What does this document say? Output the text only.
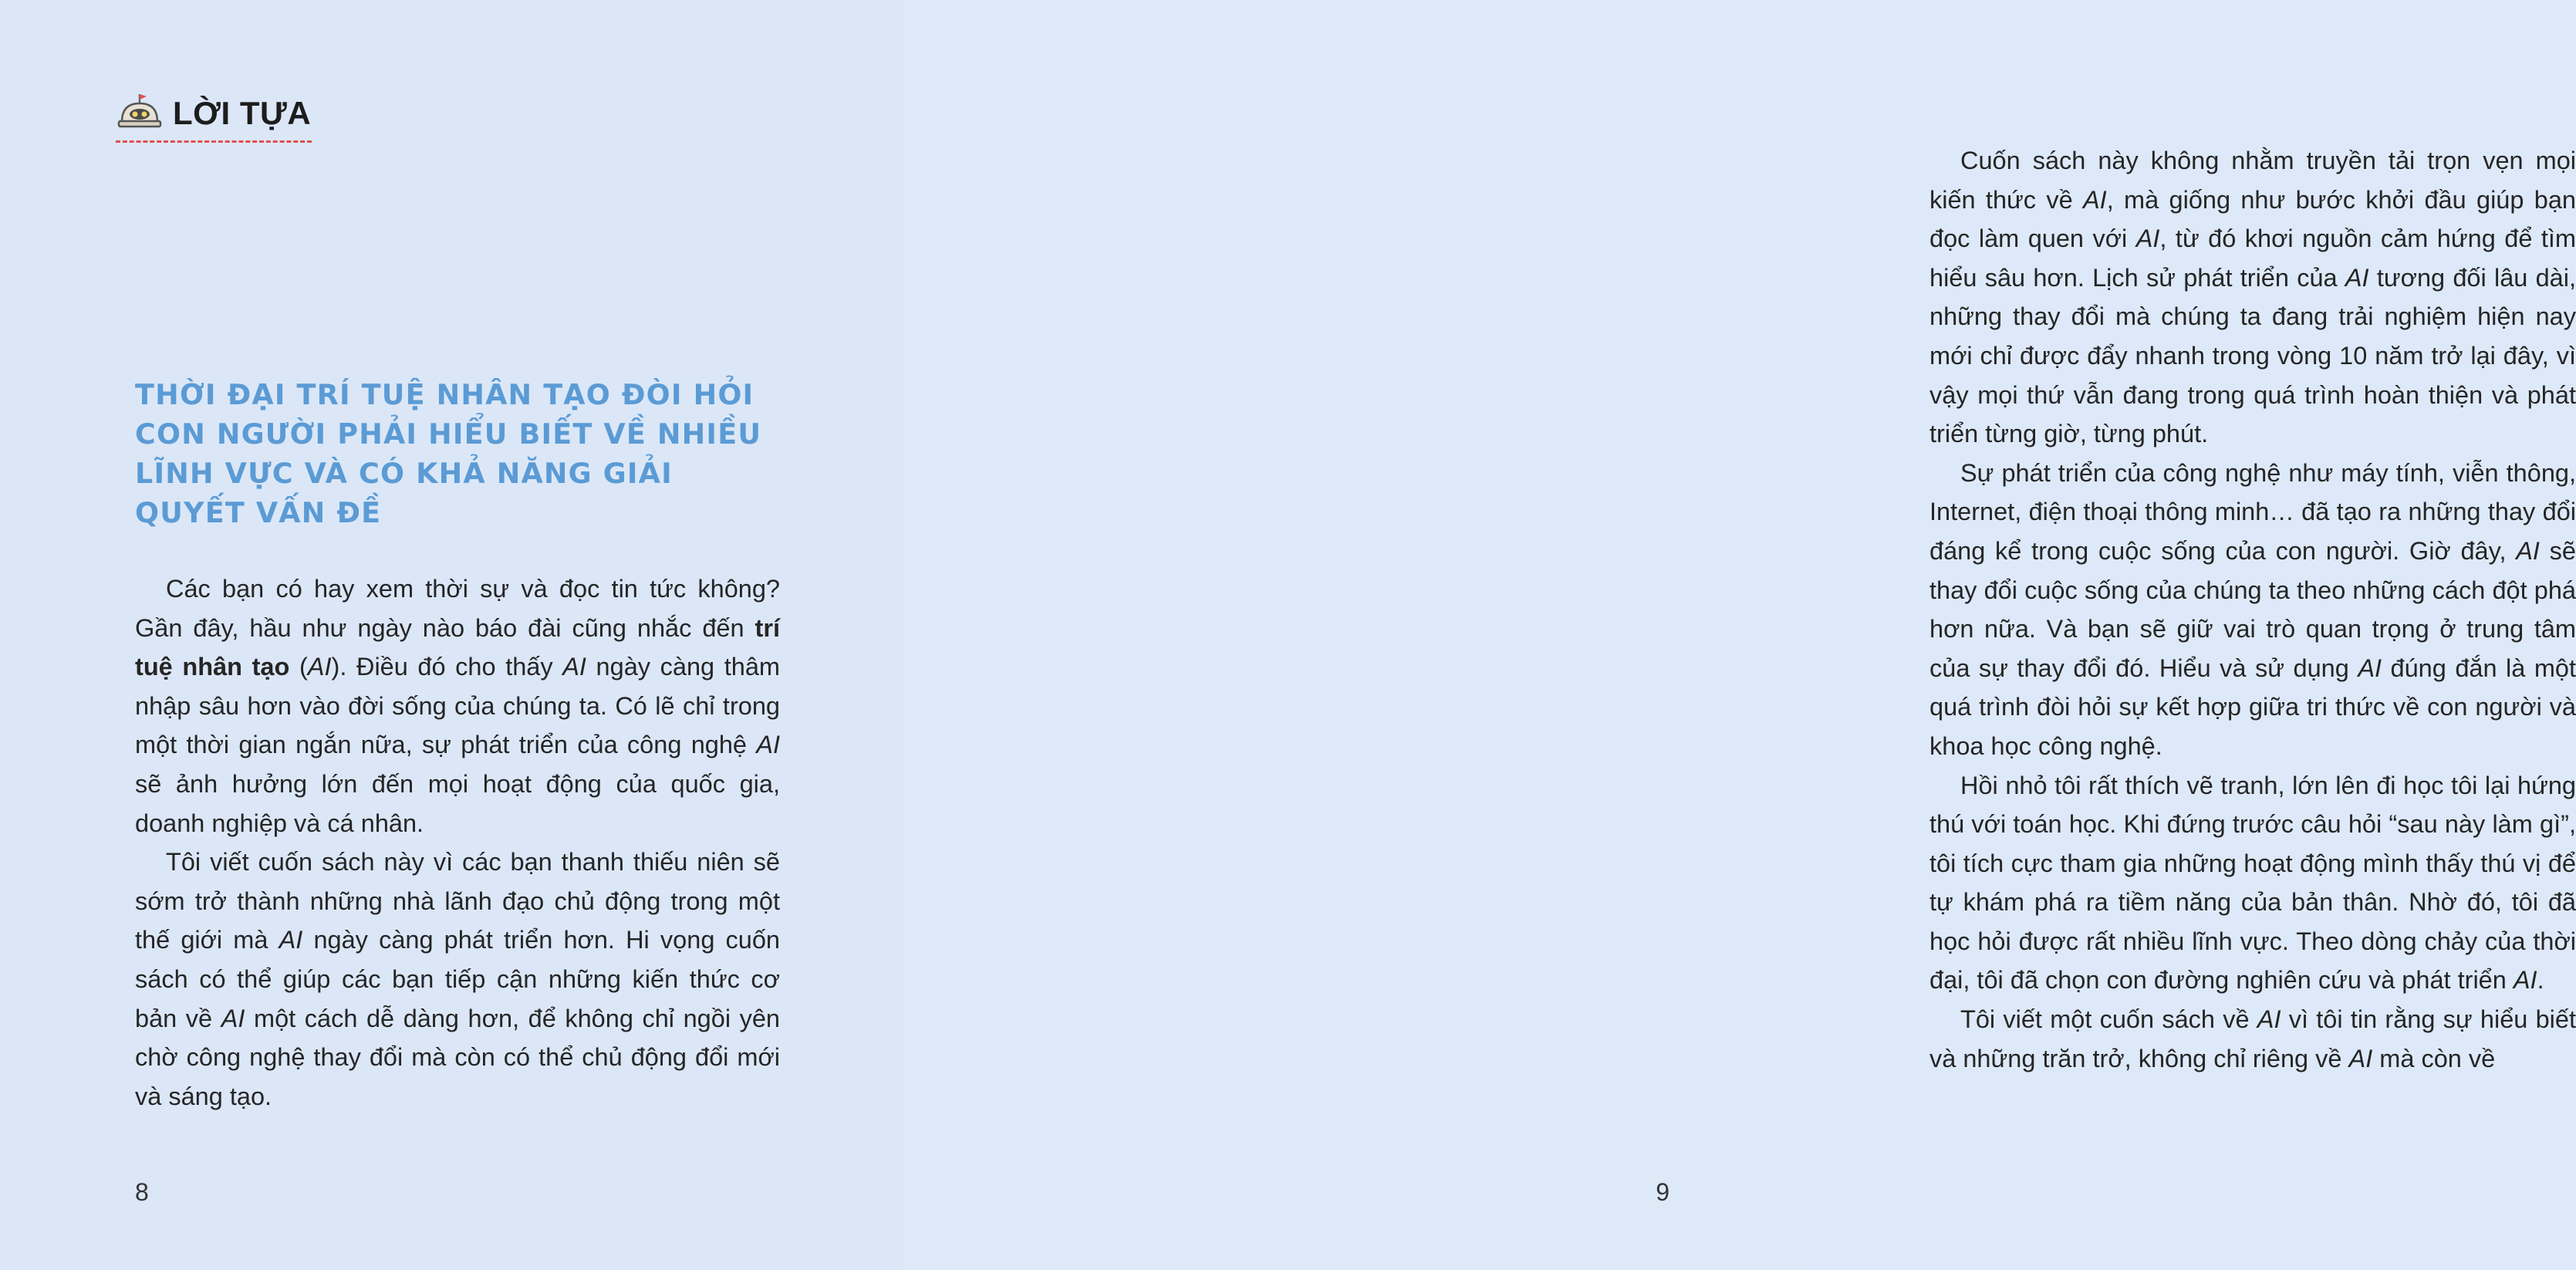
LỜI TỰA
THỜI ĐẠI TRÍ TUỆ NHÂN TẠO ĐÒI HỎI CON NGƯỜI PHẢI HIỂU BIẾT VỀ NHIỀU LĨNH VỰC VÀ CÓ KHẢ NĂNG GIẢI QUYẾT VẤN ĐỀ

Các bạn có hay xem thời sự và đọc tin tức không? Gần đây, hầu như ngày nào báo đài cũng nhắc đến trí tuệ nhân tạo (AI). Điều đó cho thấy AI ngày càng thâm nhập sâu hơn vào đời sống của chúng ta. Có lẽ chỉ trong một thời gian ngắn nữa, sự phát triển của công nghệ AI sẽ ảnh hưởng lớn đến mọi hoạt động của quốc gia, doanh nghiệp và cá nhân.

Tôi viết cuốn sách này vì các bạn thanh thiếu niên sẽ sớm trở thành những nhà lãnh đạo chủ động trong một thế giới mà AI ngày càng phát triển hơn. Hi vọng cuốn sách có thể giúp các bạn tiếp cận những kiến thức cơ bản về AI một cách dễ dàng hơn, để không chỉ ngồi yên chờ công nghệ thay đổi mà còn có thể chủ động đổi mới và sáng tạo.

8

Cuốn sách này không nhằm truyền tải trọn vẹn mọi kiến thức về AI, mà giống như bước khởi đầu giúp bạn đọc làm quen với AI, từ đó khơi nguồn cảm hứng để tìm hiểu sâu hơn. Lịch sử phát triển của AI tương đối lâu dài, những thay đổi mà chúng ta đang trải nghiệm hiện nay mới chỉ được đẩy nhanh trong vòng 10 năm trở lại đây, vì vậy mọi thứ vẫn đang trong quá trình hoàn thiện và phát triển từng giờ, từng phút.

Sự phát triển của công nghệ như máy tính, viễn thông, Internet, điện thoại thông minh… đã tạo ra những thay đổi đáng kể trong cuộc sống của con người. Giờ đây, AI sẽ thay đổi cuộc sống của chúng ta theo những cách đột phá hơn nữa. Và bạn sẽ giữ vai trò quan trọng ở trung tâm của sự thay đổi đó. Hiểu và sử dụng AI đúng đắn là một quá trình đòi hỏi sự kết hợp giữa tri thức về con người và khoa học công nghệ.

Hồi nhỏ tôi rất thích vẽ tranh, lớn lên đi học tôi lại hứng thú với toán học. Khi đứng trước câu hỏi “sau này làm gì”, tôi tích cực tham gia những hoạt động mình thấy thú vị để tự khám phá ra tiềm năng của bản thân. Nhờ đó, tôi đã học hỏi được rất nhiều lĩnh vực. Theo dòng chảy của thời đại, tôi đã chọn con đường nghiên cứu và phát triển AI.

Tôi viết một cuốn sách về AI vì tôi tin rằng sự hiểu biết và những trăn trở, không chỉ riêng về AI mà còn về

9
